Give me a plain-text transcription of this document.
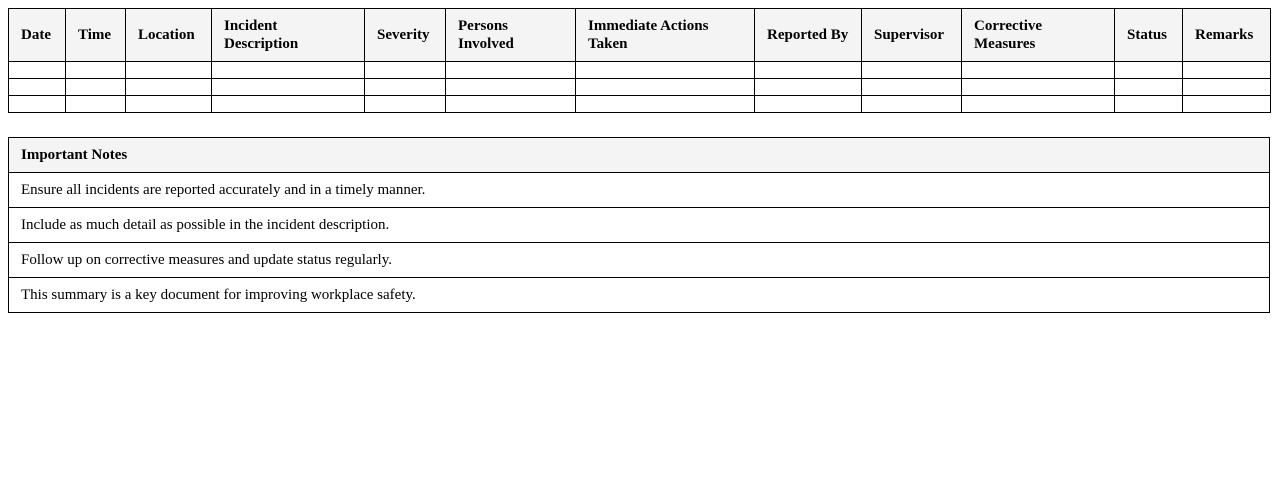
Date	Time	Location	Incident Description	Severity	Persons Involved	Immediate Actions Taken	Reported By	Supervisor	Corrective Measures	Status	Remarks

Important Notes
Ensure all incidents are reported accurately and in a timely manner.
Include as much detail as possible in the incident description.
Follow up on corrective measures and update status regularly.
This summary is a key document for improving workplace safety.
